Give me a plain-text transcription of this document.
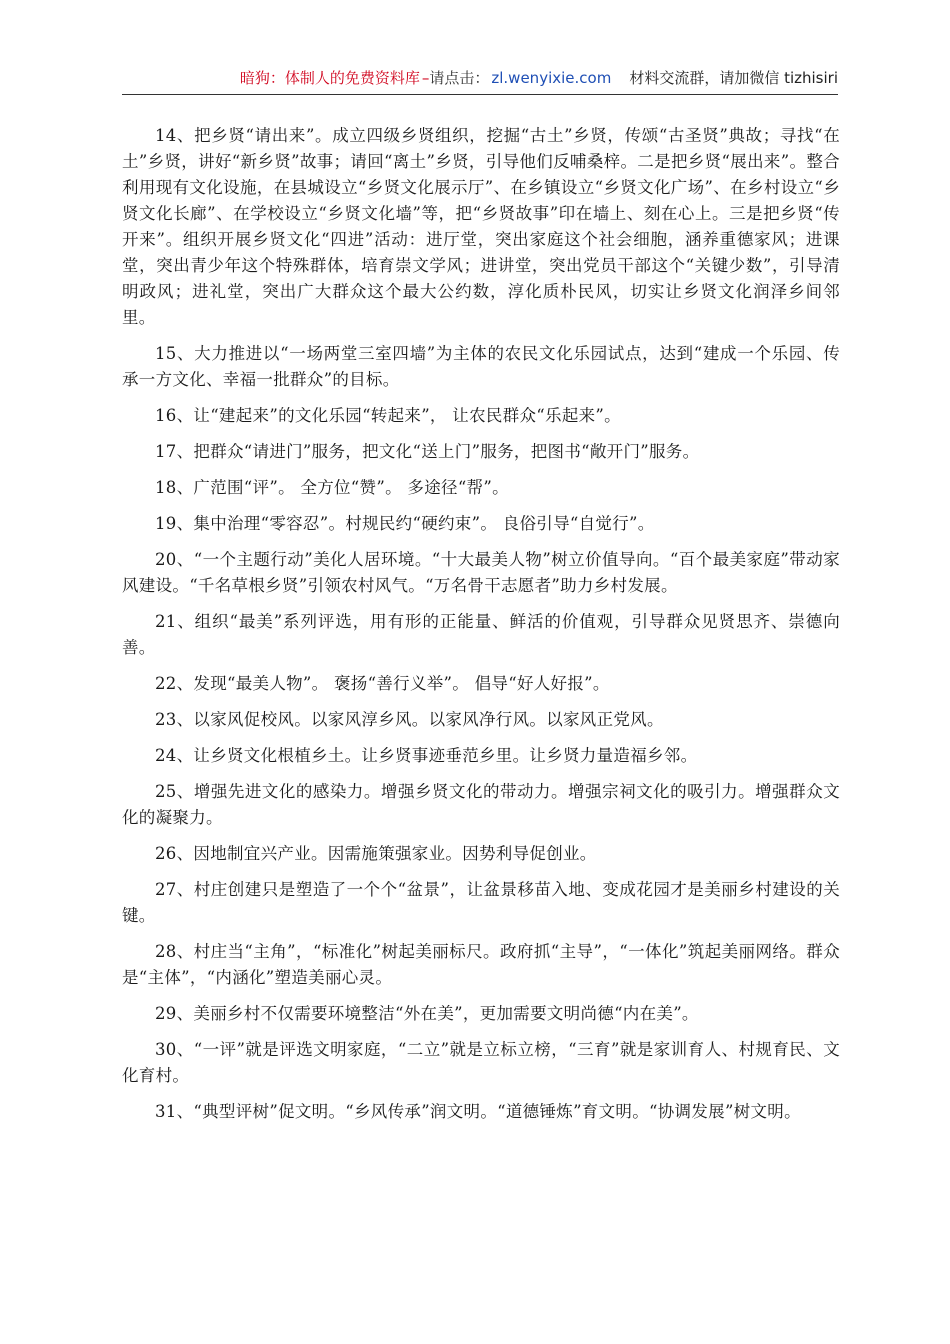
暗狗：体制人的免费资料库 –请点击： zl.wenyixie.com 材料交流群，请加微信 tizhisiri

14、把乡贤“请出来”。成立四级乡贤组织，挖掘“古土”乡贤，传颂“古圣贤”典故；寻找“在土”乡贤，讲好“新乡贤”故事；请回“离土”乡贤，引导他们反哺桑梓。二是把乡贤“展出来”。整合利用现有文化设施，在县城设立“乡贤文化展示厅”、在乡镇设立“乡贤文化广场”、在乡村设立“乡贤文化长廊”、在学校设立“乡贤文化墙”等，把“乡贤故事”印在墙上、刻在心上。三是把乡贤“传开来”。组织开展乡贤文化“四进”活动：进厅堂，突出家庭这个社会细胞，涵养重德家风；进课堂，突出青少年这个特殊群体，培育崇文学风；进讲堂，突出党员干部这个“关键少数”，引导清明政风；进礼堂，突出广大群众这个最大公约数，淳化质朴民风，切实让乡贤文化润泽乡间邻里。

15、大力推进以“一场两堂三室四墙”为主体的农民文化乐园试点，达到“建成一个乐园、传承一方文化、幸福一批群众”的目标。

16、让“建起来”的文化乐园“转起来”， 让农民群众“乐起来”。

17、把群众“请进门”服务，把文化“送上门”服务，把图书“敞开门”服务。

18、广范围“评”。 全方位“赞”。 多途径“帮”。

19、集中治理“零容忍”。村规民约“硬约束”。 良俗引导“自觉行”。

20、“一个主题行动”美化人居环境。“十大最美人物”树立价值导向。“百个最美家庭”带动家风建设。“千名草根乡贤”引领农村风气。“万名骨干志愿者”助力乡村发展。

21、组织“最美”系列评选，用有形的正能量、鲜活的价值观，引导群众见贤思齐、崇德向善。

22、发现“最美人物”。 褒扬“善行义举”。 倡导“好人好报”。

23、以家风促校风。以家风淳乡风。以家风净行风。以家风正党风。

24、让乡贤文化根植乡土。让乡贤事迹垂范乡里。让乡贤力量造福乡邻。

25、增强先进文化的感染力。增强乡贤文化的带动力。增强宗祠文化的吸引力。增强群众文化的凝聚力。

26、因地制宜兴产业。因需施策强家业。因势利导促创业。

27、村庄创建只是塑造了一个个“盆景”，让盆景移苗入地、变成花园才是美丽乡村建设的关键。

28、村庄当“主角”，“标准化”树起美丽标尺。政府抓“主导”，“一体化”筑起美丽网络。群众是“主体”，“内涵化”塑造美丽心灵。

29、美丽乡村不仅需要环境整洁“外在美”，更加需要文明尚德“内在美”。

30、“一评”就是评选文明家庭，“二立”就是立标立榜，“三育”就是家训育人、村规育民、文化育村。

31、“典型评树”促文明。“乡风传承”润文明。“道德锤炼”育文明。“协调发展”树文明。
